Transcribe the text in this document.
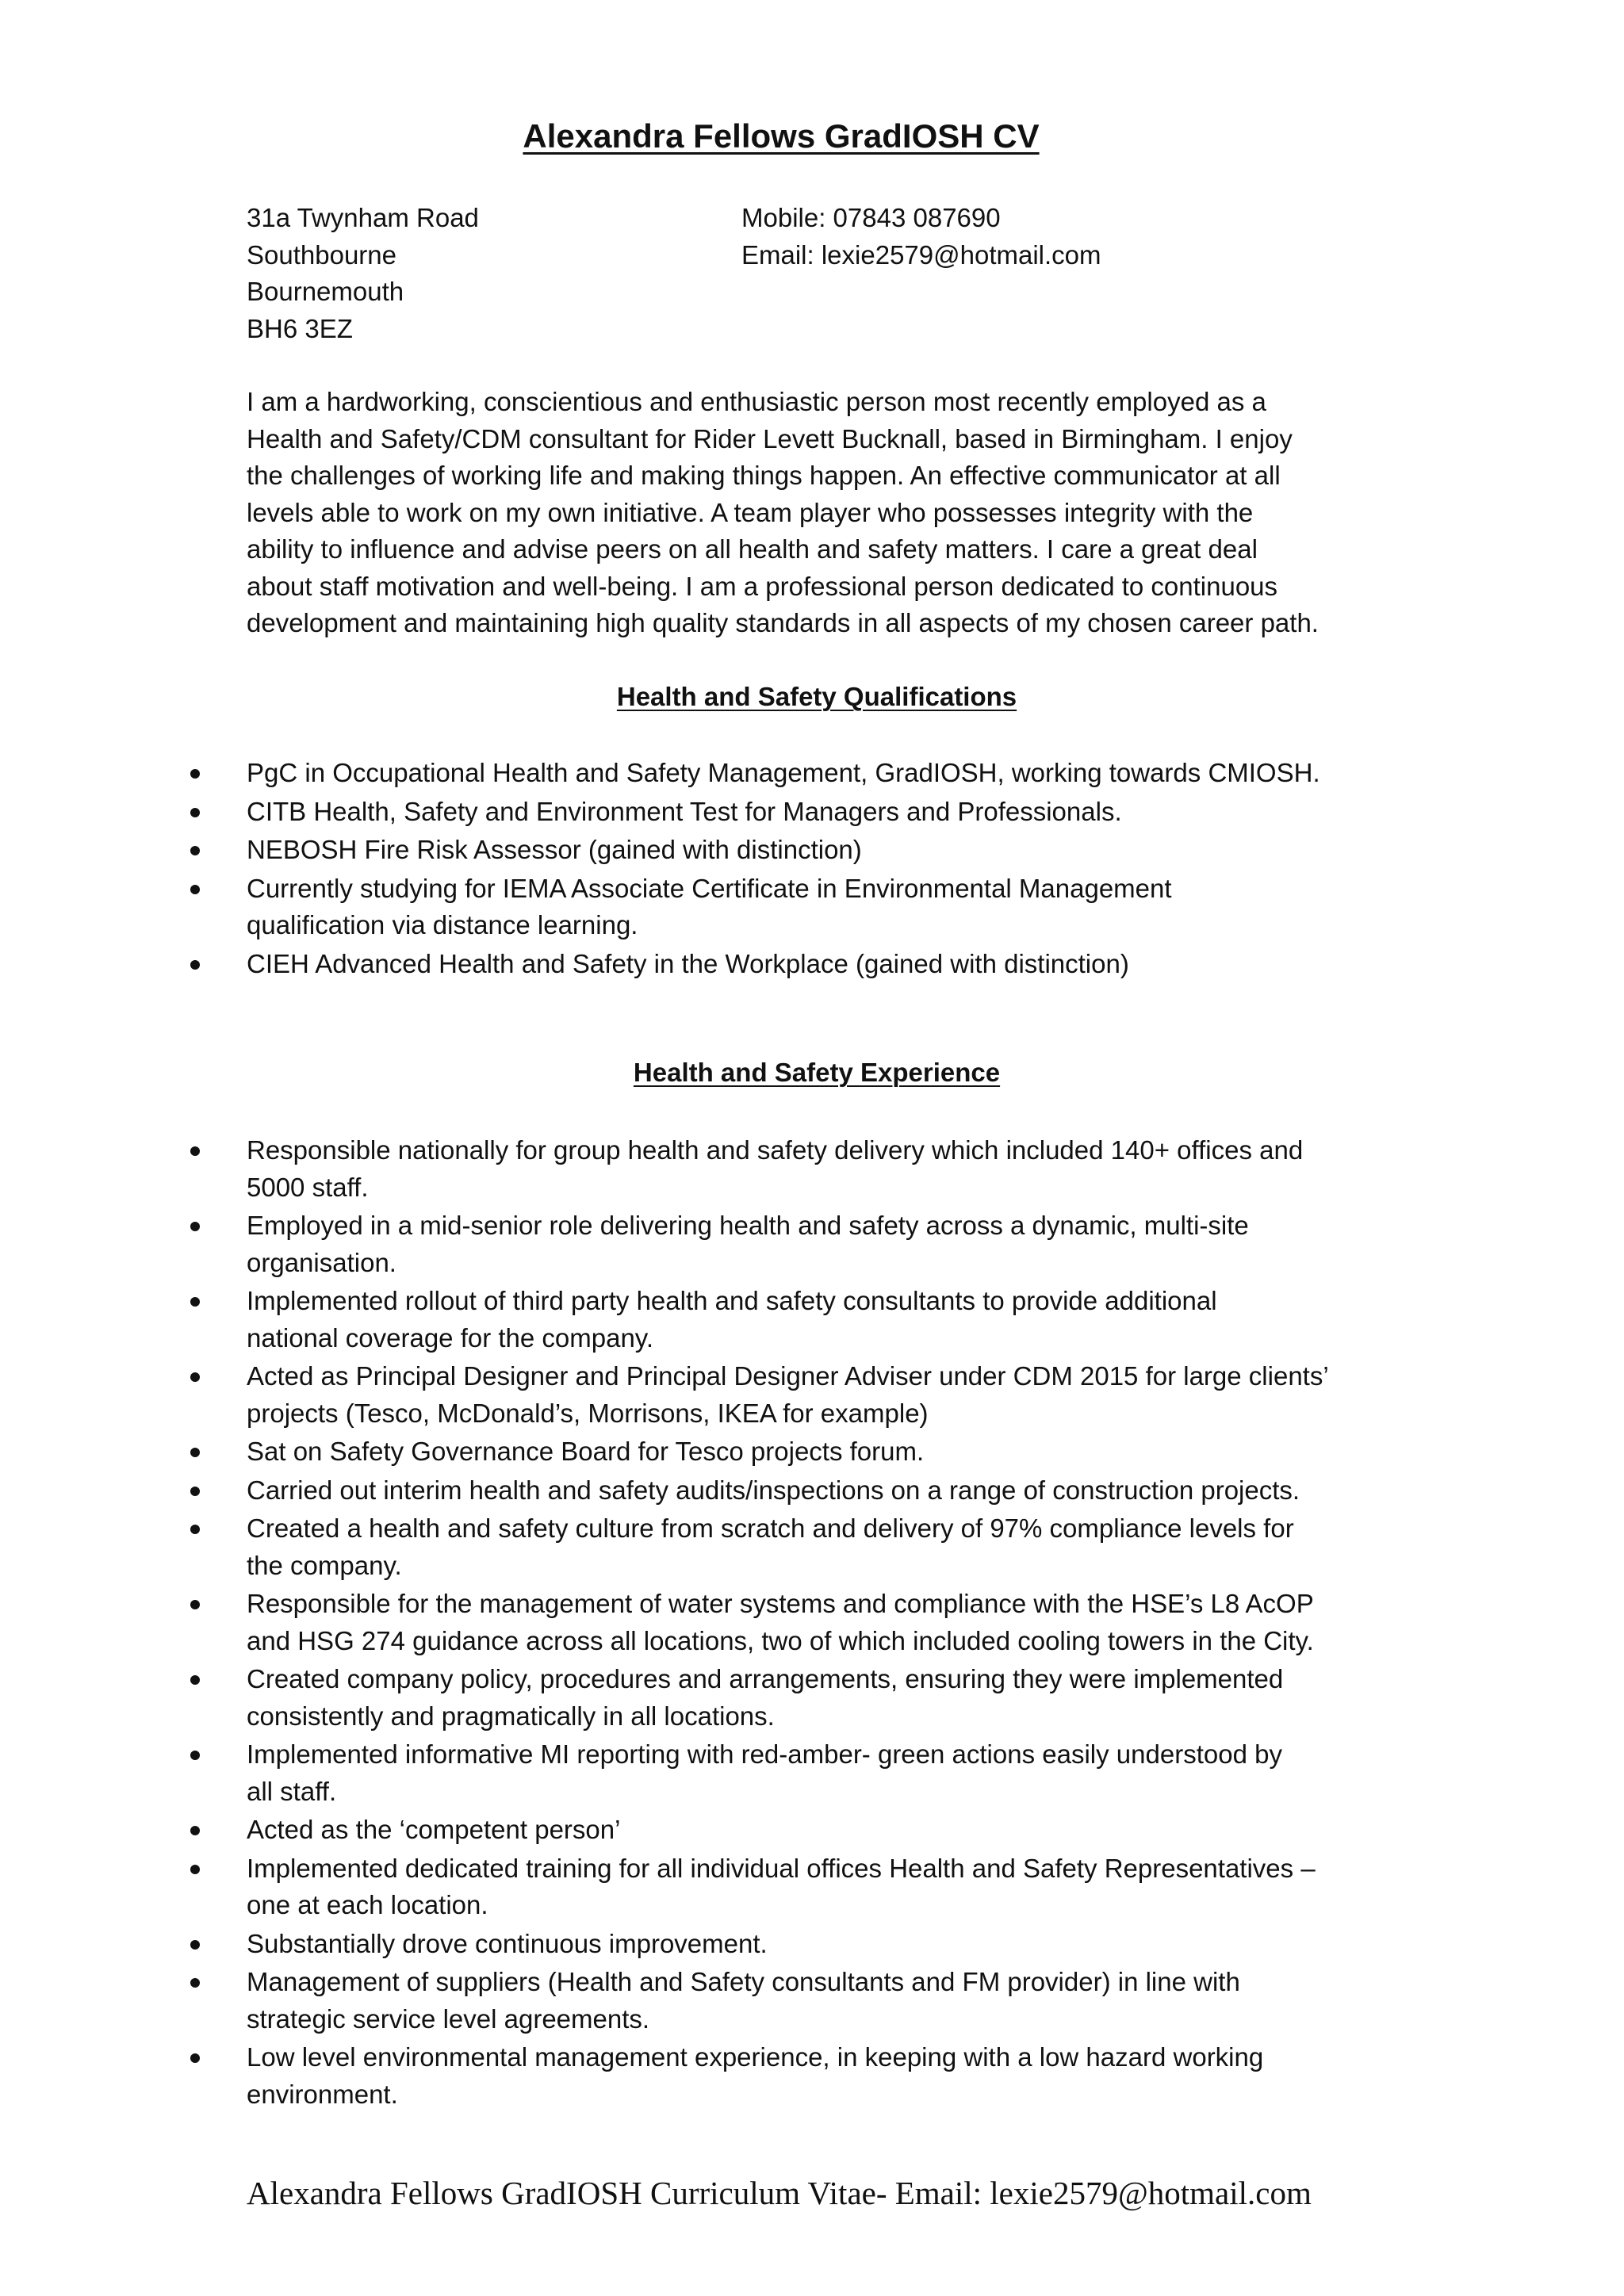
Alexandra Fellows GradIOSH CV
31a Twynham Road
Southbourne
Bournemouth
BH6 3EZ
Mobile: 07843 087690
Email: lexie2579@hotmail.com
I am a hardworking, conscientious and enthusiastic person most recently employed as a
Health and Safety/CDM consultant for Rider Levett Bucknall, based in Birmingham. I enjoy
the challenges of working life and making things happen. An effective communicator at all
levels able to work on my own initiative. A team player who possesses integrity with the
ability to influence and advise peers on all health and safety matters. I care a great deal
about staff motivation and well-being. I am a professional person dedicated to continuous
development and maintaining high quality standards in all aspects of my chosen career path.
Health and Safety Qualifications
PgC in Occupational Health and Safety Management, GradIOSH, working towards CMIOSH.
CITB Health, Safety and Environment Test for Managers and Professionals.
NEBOSH Fire Risk Assessor (gained with distinction)
Currently studying for IEMA Associate Certificate in Environmental Management
qualification via distance learning.
CIEH Advanced Health and Safety in the Workplace (gained with distinction)
Health and Safety Experience
Responsible nationally for group health and safety delivery which included 140+ offices and
5000 staff.
Employed in a mid-senior role delivering health and safety across a dynamic, multi-site
organisation.
Implemented rollout of third party health and safety consultants to provide additional
national coverage for the company.
Acted as Principal Designer and Principal Designer Adviser under CDM 2015 for large clients’
projects (Tesco, McDonald’s, Morrisons, IKEA for example)
Sat on Safety Governance Board for Tesco projects forum.
Carried out interim health and safety audits/inspections on a range of construction projects.
Created a health and safety culture from scratch and delivery of 97% compliance levels for
the company.
Responsible for the management of water systems and compliance with the HSE’s L8 AcOP
and HSG 274 guidance across all locations, two of which included cooling towers in the City.
Created company policy, procedures and arrangements, ensuring they were implemented
consistently and pragmatically in all locations.
Implemented informative MI reporting with red-amber- green actions easily understood by
all staff.
Acted as the ‘competent person’
Implemented dedicated training for all individual offices Health and Safety Representatives –
one at each location.
Substantially drove continuous improvement.
Management of suppliers (Health and Safety consultants and FM provider) in line with
strategic service level agreements.
Low level environmental management experience, in keeping with a low hazard working
environment.
Alexandra Fellows GradIOSH Curriculum Vitae- Email: lexie2579@hotmail.com
